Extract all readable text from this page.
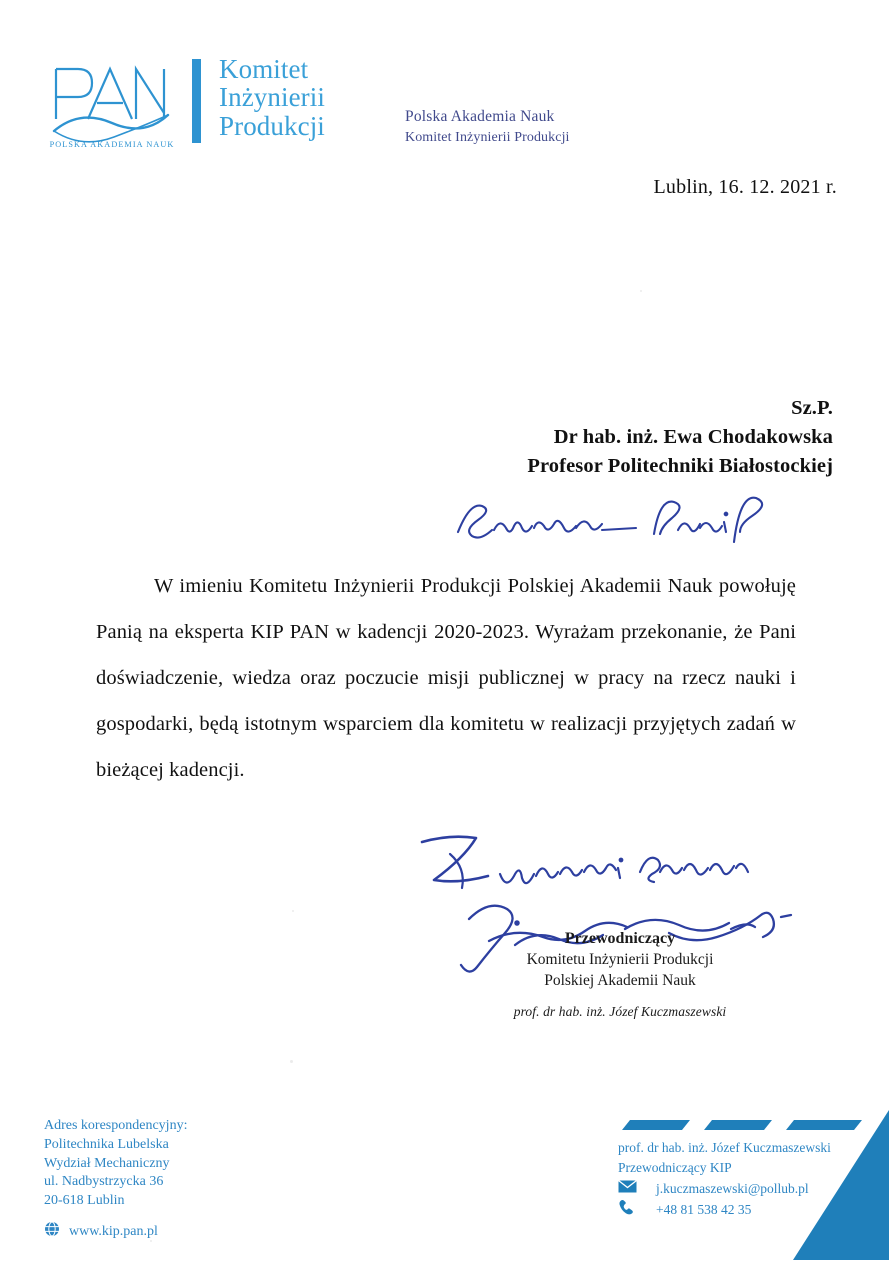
POLSKA AKADEMIA NAUK
Komitet
Inżynierii
Produkcji	Polska Akademia Nauk
Komitet Inżynierii Produkcji
Lublin, 16. 12. 2021 r.
Sz.P.
Dr hab. inż. Ewa Chodakowska
Profesor Politechniki Białostockiej
W imieniu Komitetu Inżynierii Produkcji Polskiej Akademii Nauk powołuję Panią na eksperta KIP PAN w kadencji 2020-2023. Wyrażam przekonanie, że Pani doświadczenie, wiedza oraz poczucie misji publicznej w pracy na rzecz nauki i gospodarki, będą istotnym wsparciem dla komitetu w realizacji przyjętych zadań w bieżącej kadencji.
Przewodniczący
Komitetu Inżynierii Produkcji
Polskiej Akademii Nauk
prof. dr hab. inż. Józef Kuczmaszewski
Adres korespondencyjny:
Politechnika Lubelska
Wydział Mechaniczny
ul. Nadbystrzycka 36
20-618 Lublin
www.kip.pan.pl
prof. dr hab. inż. Józef Kuczmaszewski
Przewodniczący KIP
j.kuczmaszewski@pollub.pl
+48 81 538 42 35
